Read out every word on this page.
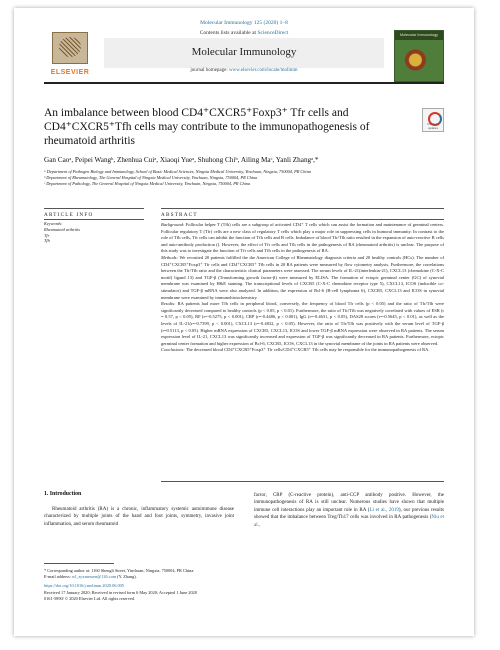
Molecular Immunology 125 (2020) 1–8
ELSEVIER
Contents lists available at ScienceDirect
Molecular Immunology
journal homepage: www.elsevier.com/locate/molimm
Molecular Immunology
An imbalance between blood CD4⁺CXCR5⁺Foxp3⁺ Tfr cells and
CD4⁺CXCR5⁺Tfh cells may contribute to the immunopathogenesis of
rheumatoid arthritis
Check for updates
Gan Caoᵃ, Peipei Wangᵇ, Zhenhua Cuiᵃ, Xiaoqi Yueᵃ, Shuhong Chiᵇ, Ailing Maᶜ, Yanli Zhangᵃ,*
ᵃ Department of Pathogen Biology and Immunology, School of Basic Medical Sciences, Ningxia Medical University, Yinchuan, Ningxia, 750004, PR China
ᵇ Department of Rheumatology, The General Hospital of Ningxia Medical University, Yinchuan, Ningxia, 750004, PR China
ᶜ Department of Pathology, The General Hospital of Ningxia Medical University, Yinchuan, Ningxia, 750004, PR China
ARTICLE INFO	ABSTRACT
Keywords:
Rheumatoid arthritis
Tfr
Tfh

Background: Follicular helper T (Tfh) cells are a subgroup of activated CD4⁺ T cells which can assist the formation and maintenance of germinal centers. Follicular regulatory T (Tfr) cells are a new class of regulatory T cells which play a major role in suppressing cells in humoral immunity. In contrast to the role of Tfh cells, Tfr cells can inhibit the function of Tfh cells and B cells. Imbalance of blood Tfr/Tfh ratio resulted in the expansion of auto-reactive B cells and auto-antibody production (). However, the effect of Tfr cells and Tfh cells in the pathogenesis of RA (rheumatoid arthritis) is unclear. The purpose of this study was to investigate the function of Tfr cells and Tfh cells in the pathogenesis of RA.

Methods: We recruited 20 patients fulfilled the the American College of Rheumatology diagnosis criteria and 20 healthy controls (HCs). The number of CD4⁺CXCR5⁺Foxp3⁺ Tfr cells and CD4⁺CXCR5⁺ Tfh cells in 20 RA patients were measured by flow cytometry analysis. Furthermore, the correlations between the Tfr/Tfh ratio and the characteristic clinical parameters were assessed. The serum levels of IL-21(interleukin-21), CXCL13 (chemokine (C-X-C motif) ligand 13) and TGF-β (Transforming growth factor-β) were measured by ELISA. The formation of ectopic germinal center (GC) of synovial membrane was examined by H&E staining. The transcriptional levels of CXCR5 (C-X-C chemokine receptor type 5), CXCL13, ICOS (inducible co-stimulator) and TGF-β mRNA were also analyzed. In addition, the expression of Bcl-6 (B-cell lymphoma 6), CXCR5, CXCL13 and ICOS in synovial membrane were examined by immunohistochemistry.

Results: RA patients had more Tfh cells in peripheral blood, conversely, the frequency of blood Tfr cells (p < 0.05) and the ratio of Tfr/Tfh were significantly decreased compared to healthy controls (p < 0.05, p < 0.01). Furthermore, the ratio of Tfr/Tfh was negatively correlated with values of ESR (r = 0.57, p < 0.05), RF (r=-0.5275, p < 0.001), CRP (r=-0.4486, p < 0.001), IgG (r=-0.4631, p < 0.05), DAS28 scores (r=-0.5645, p < 0.01), as well as the levels of IL-21(r=-0.7399, p < 0.001), CXCL13 (r=-0.4832, p < 0.05). However, the ratio of Tfr/Tfh was positively with the serum level of TGF-β (r=0.5113, p < 0.05). Higher mRNA expression of CXCR5, CXCL13, ICOS and lower TGF-β mRNA expression were observed in RA patients. The serum expression level of IL-21, CXCL13 was significantly increased and expression of TGF-β was significantly decreased in RA patients. Furthermore, ectopic germinal center formation and higher expression of Bcl-6, CXCR5, ICOS, CXCL13 in the synovial membrane of the joints in RA patients were observed.

Conclusions: The decreased blood CD4⁺CXCR5⁺Foxp3⁺ Tfr cells/CD4⁺CXCR5⁺ Tfh cells may be responsible for the immunopathogenesis of RA.

1. Introduction
Rheumatoid arthritis (RA) is a chronic, inflammatory systemic autoimmune disease characterized by multiple joints of the hand and foot joints, symmetry, invasive joint inflammation, and serum rheumatoid
factor, CRP (C-reactive protein), anti-CCP antibody positive. However, the immunopathogenesis of RA is still unclear. Numerous studies have shown that multiple immune cell interactions play an important role in RA (Li et al., 2019), our previous results showed that the imbalance between Treg/Th17 cells was involved in RA pathogenesis (Niu et al.,
* Corresponding author at: 1160 Shengli Street, Yinchuan, Ningxia, 750004, PR China.
E-mail address: wl_zyxmessen@126.com (Y. Zhang).
https://doi.org/10.1016/j.molimm.2020.06.005
Received 17 January 2020; Received in revised form 6 May 2020; Accepted 1 June 2020
0161-5890/ © 2020 Elsevier Ltd. All rights reserved.
